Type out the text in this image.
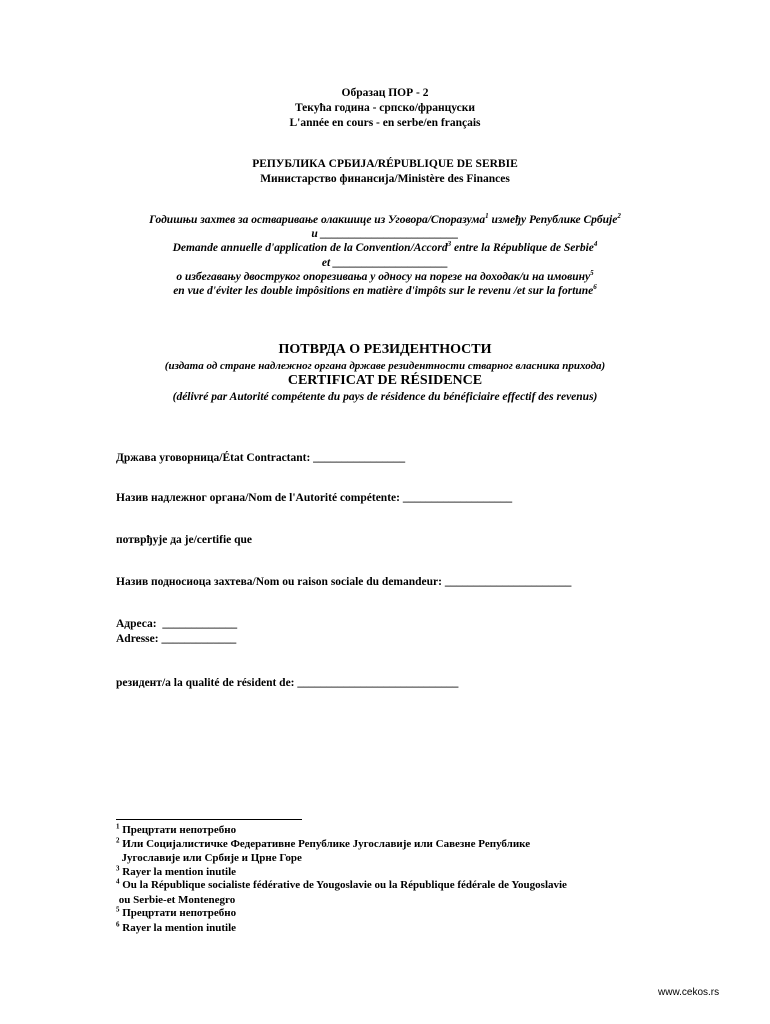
Образац ПОР - 2
Текућа година - српско/француски
L'année en cours - en serbe/en français
РЕПУБЛИКА СРБИЈА/RÉPUBLIQUE DE SERBIE
Министарство финансија/Ministère des Finances
Годишњи захтев за остваривање олакшице из Уговора/Споразума$^1$ између Републике Србије$^2$
и ________________________
Demande annuelle d'application de la Convention/Accord$^3$ entre la République de Serbie$^4$
et ____________________
о избегавању двоструког опорезивања у односу на порезе на доходак/и на имовину$^5$
en vue d'éviter les double impôsitions en matière d'impôts sur le revenu /et sur la fortune$^6$
ПОТВРДА О РЕЗИДЕНТНОСТИ
(издата од стране надлежног органа државе резидентности стварног власника прихода)
CERTIFICAT DE RÉSIDENCE
(délivré par Autorité compétente du pays de résidence du bénéficiaire effectif des revenus)
Држава уговорница/État Contractant: ________________
Назив надлежног органа/Nom de l'Autorité compétente: ___________________
потврђује да је/certifie que
Назив подносиоца захтева/Nom ou raison sociale du demandeur: ______________________
Адреса:  _____________
Adresse: _____________
резидент/а la qualité de résident de: ____________________________
$^1$ Прецртати непотребно
$^2$ Или Социјалистичке Федеративне Републике Југославије или Савезне Републике
Југославије или Србије и Црне Горе
$^3$ Rayer la mention inutile
$^4$ Ou la République socialiste fédérative de Yougoslavie ou la République fédérale de Yougoslavie
ou Serbie-et Montenegro
$^5$ Прецртати непотребно
$^6$ Rayer la mention inutile
www.cekos.rs
